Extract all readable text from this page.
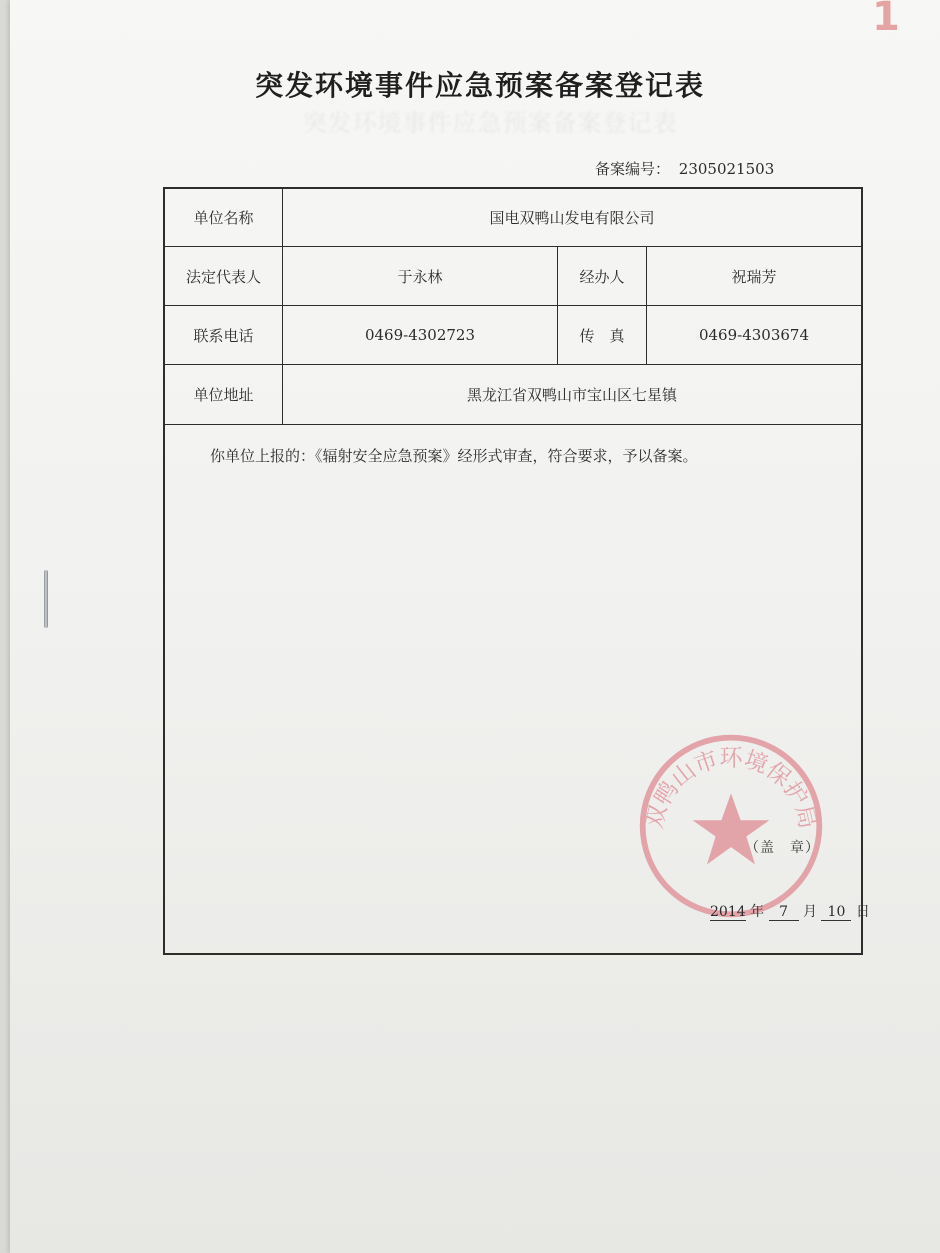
1
突发环境事件应急预案备案登记表
突发环境事件应急预案备案登记表
备案编号： 2305021503
单位名称	国电双鸭山发电有限公司
法定代表人	于永林	经办人	祝瑞芳
联系电话	0469-4302723	传　真	0469-4303674
单位地址	黑龙江省双鸭山市宝山区七星镇
你单位上报的：《辐射安全应急预案》经形式审查，符合要求，予以备案。
双鸭山市环境保护局
（盖　章）
2014 年 7 月 10 日
